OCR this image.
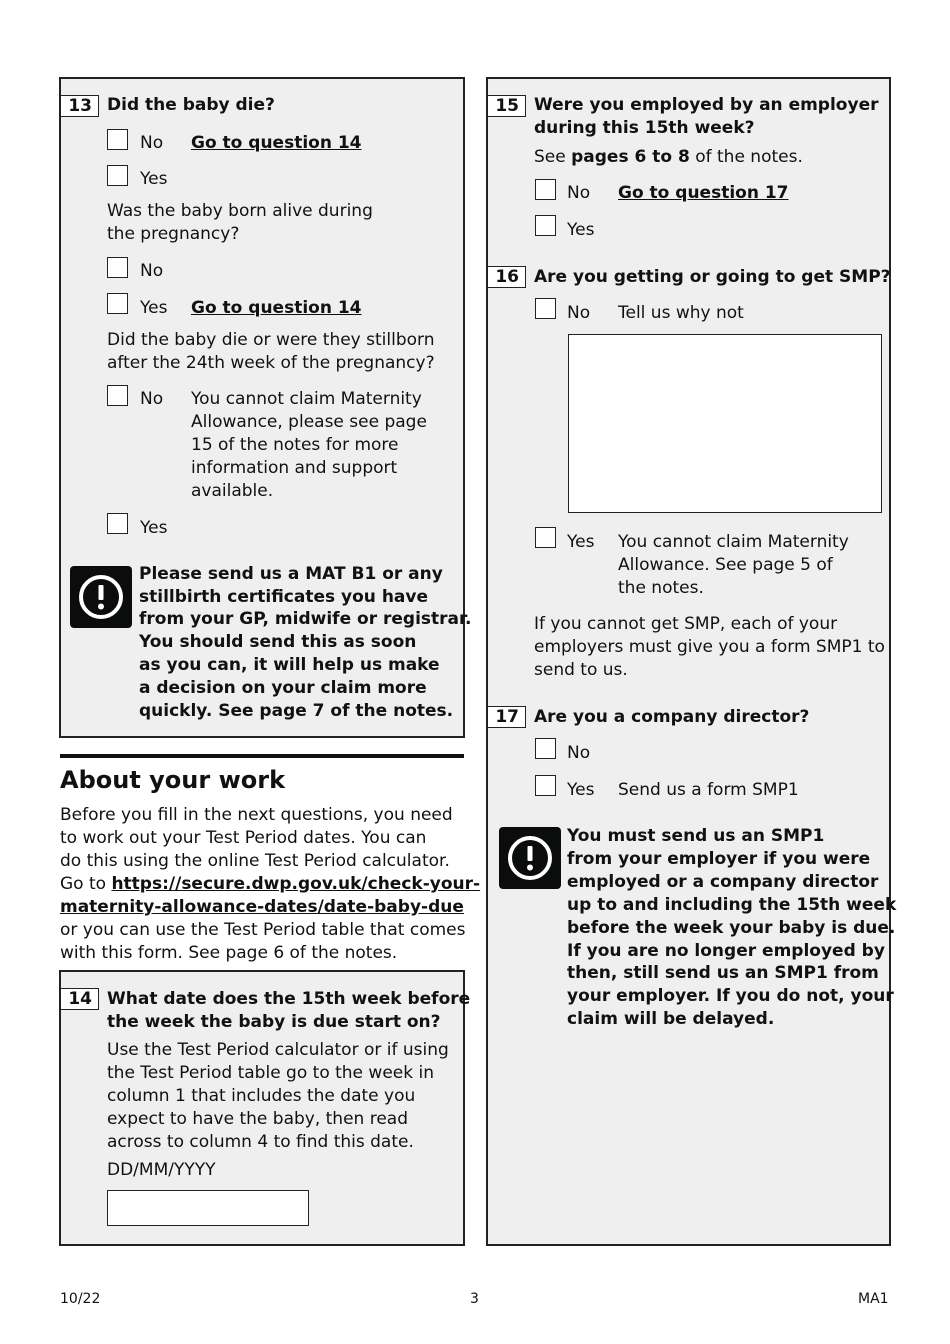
13 Did the baby die?
No Go to question 14
Yes
Was the baby born alive during
the pregnancy?
No
Yes Go to question 14
Did the baby die or were they stillborn
after the 24th week of the pregnancy?
No You cannot claim Maternity
Allowance, please see page
15 of the notes for more
information and support
available.
Yes
Please send us a MAT B1 or any
stillbirth certificates you have
from your GP, midwife or registrar.
You should send this as soon
as you can, it will help us make
a decision on your claim more
quickly. See page 7 of the notes.
About your work
Before you fill in the next questions, you need
to work out your Test Period dates. You can
do this using the online Test Period calculator.
Go to https://secure.dwp.gov.uk/check-your-
maternity-allowance-dates/date-baby-due
or you can use the Test Period table that comes
with this form. See page 6 of the notes.
14 What date does the 15th week before
the week the baby is due start on?
Use the Test Period calculator or if using
the Test Period table go to the week in
column 1 that includes the date you
expect to have the baby, then read
across to column 4 to find this date.
DD/MM/YYYY
15 Were you employed by an employer
during this 15th week?
See pages 6 to 8 of the notes.
No Go to question 17
Yes
16 Are you getting or going to get SMP?
No Tell us why not
Yes You cannot claim Maternity
Allowance. See page 5 of
the notes.
If you cannot get SMP, each of your
employers must give you a form SMP1 to
send to us.
17 Are you a company director?
No
Yes Send us a form SMP1
You must send us an SMP1
from your employer if you were
employed or a company director
up to and including the 15th week
before the week your baby is due.
If you are no longer employed by
then, still send us an SMP1 from
your employer. If you do not, your
claim will be delayed.
10/22	3	MA1
